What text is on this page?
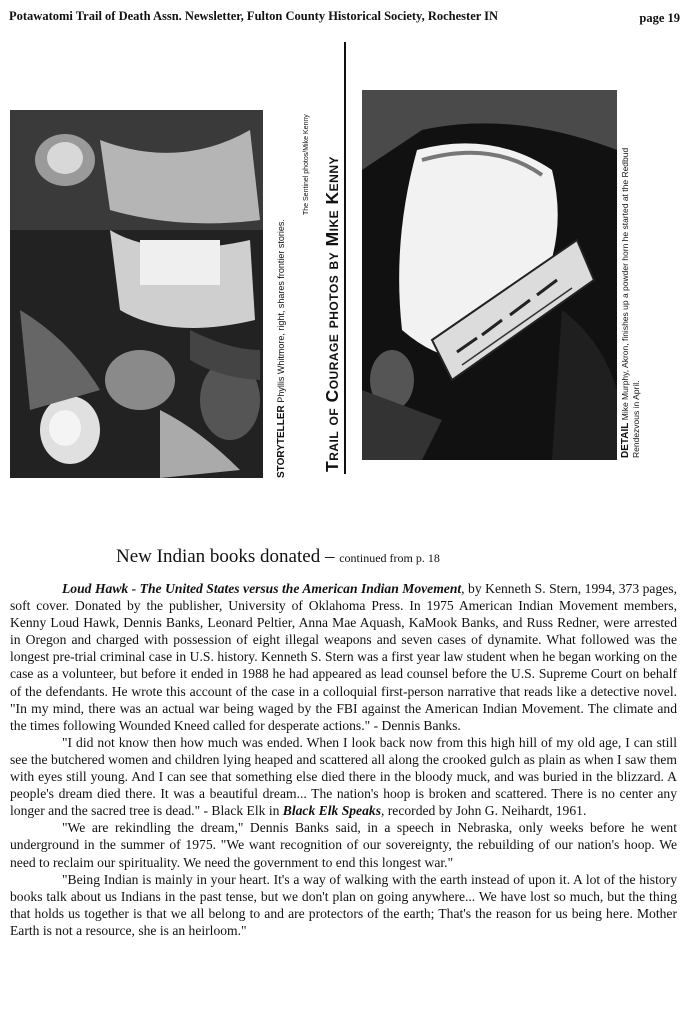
Potawatomi Trail of Death Assn. Newsletter, Fulton County Historical Society, Rochester IN	page 19
STORYTELLER Phyllis Whitmore, right, shares frontier stories.
The Sentinel photos/Mike Kenny Trail of Courage photos by Mike Kenny	DETAIL Mike Murphy, Akron, finishes up a powder horn he started at the Redbud Rendezvous in April.
New Indian books donated – continued from p. 18

Loud Hawk - The United States versus the American Indian Movement, by Kenneth S. Stern, 1994, 373 pages, soft cover. Donated by the publisher, University of Oklahoma Press. In 1975 American Indian Movement members, Kenny Loud Hawk, Dennis Banks, Leonard Peltier, Anna Mae Aquash, KaMook Banks, and Russ Redner, were arrested in Oregon and charged with possession of eight illegal weapons and seven cases of dynamite. What followed was the longest pre-trial criminal case in U.S. history. Kenneth S. Stern was a first year law student when he began working on the case as a volunteer, but before it ended in 1988 he had appeared as lead counsel before the U.S. Supreme Court on behalf of the defendants. He wrote this account of the case in a colloquial first-person narrative that reads like a detective novel. "In my mind, there was an actual war being waged by the FBI against the American Indian Movement. The climate and the times following Wounded Kneed called for desperate actions." - Dennis Banks.

"I did not know then how much was ended. When I look back now from this high hill of my old age, I can still see the butchered women and children lying heaped and scattered all along the crooked gulch as plain as when I saw them with eyes still young. And I can see that something else died there in the bloody muck, and was buried in the blizzard. A people's dream died there. It was a beautiful dream... The nation's hoop is broken and scattered. There is no center any longer and the sacred tree is dead." - Black Elk in Black Elk Speaks, recorded by John G. Neihardt, 1961.

"We are rekindling the dream," Dennis Banks said, in a speech in Nebraska, only weeks before he went underground in the summer of 1975. "We want recognition of our sovereignty, the rebuilding of our nation's hoop. We need to reclaim our spirituality. We need the government to end this longest war."

"Being Indian is mainly in your heart. It's a way of walking with the earth instead of upon it. A lot of the history books talk about us Indians in the past tense, but we don't plan on going anywhere... We have lost so much, but the thing that holds us together is that we all belong to and are protectors of the earth; That's the reason for us being here. Mother Earth is not a resource, she is an heirloom."
